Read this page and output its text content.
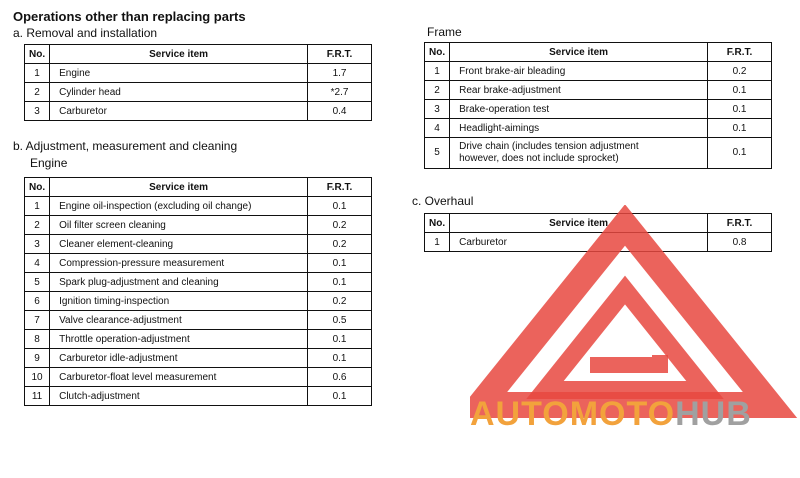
Operations other than replacing parts
a. Removal and installation
No.	Service item	F.R.T.
1	Engine	1.7
2	Cylinder head	*2.7
3	Carburetor	0.4
b. Adjustment, measurement and cleaning
Engine
No.	Service item	F.R.T.
1	Engine oil-inspection (excluding oil change)	0.1
2	Oil filter screen cleaning	0.2
3	Cleaner element-cleaning	0.2
4	Compression-pressure measurement	0.1
5	Spark plug-adjustment and cleaning	0.1
6	Ignition timing-inspection	0.2
7	Valve clearance-adjustment	0.5
8	Throttle operation-adjustment	0.1
9	Carburetor idle-adjustment	0.1
10	Carburetor-float level measurement	0.6
11	Clutch-adjustment	0.1
Frame
No.	Service item	F.R.T.
1	Front brake-air bleading	0.2
2	Rear brake-adjustment	0.1
3	Brake-operation test	0.1
4	Headlight-aimings	0.1
5	Drive chain (includes tension adjustment
however, does not include sprocket)	0.1
c. Overhaul
No.	Service item	F.R.T.
1	Carburetor	0.8
AUTOMOTOHUB
